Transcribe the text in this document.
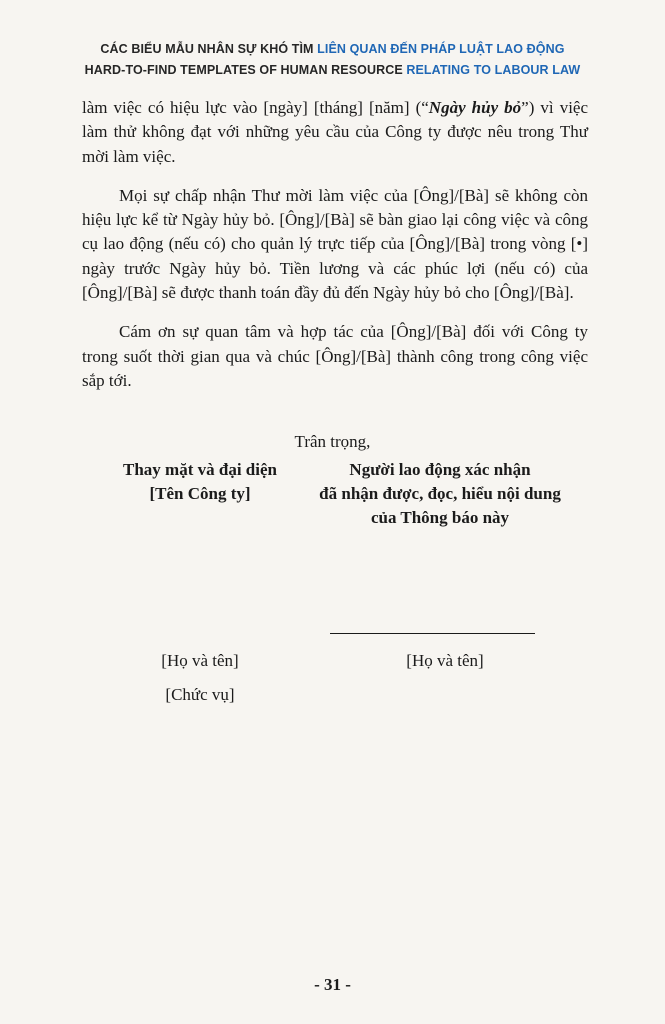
CÁC BIỂU MẪU NHÂN SỰ KHÓ TÌM LIÊN QUAN ĐẾN PHÁP LUẬT LAO ĐỘNG
HARD-TO-FIND TEMPLATES OF HUMAN RESOURCE RELATING TO LABOUR LAW

làm việc có hiệu lực vào [ngày] [tháng] [năm] (“Ngày hủy bỏ”) vì việc làm thử không đạt với những yêu cầu của Công ty được nêu trong Thư mời làm việc.

Mọi sự chấp nhận Thư mời làm việc của [Ông]/[Bà] sẽ không còn hiệu lực kể từ Ngày hủy bỏ. [Ông]/[Bà] sẽ bàn giao lại công việc và công cụ lao động (nếu có) cho quản lý trực tiếp của [Ông]/[Bà] trong vòng [•] ngày trước Ngày hủy bỏ. Tiền lương và các phúc lợi (nếu có) của [Ông]/[Bà] sẽ được thanh toán đầy đủ đến Ngày hủy bỏ cho [Ông]/[Bà].

Cám ơn sự quan tâm và hợp tác của [Ông]/[Bà] đối với Công ty trong suốt thời gian qua và chúc [Ông]/[Bà] thành công trong công việc sắp tới.

Trân trọng,
Thay mặt và đại diện
[Tên Công ty]
Người lao động xác nhận
đã nhận được, đọc, hiểu nội dung
của Thông báo này
[Họ và tên]
[Chức vụ]
[Họ và tên]
- 31 -
